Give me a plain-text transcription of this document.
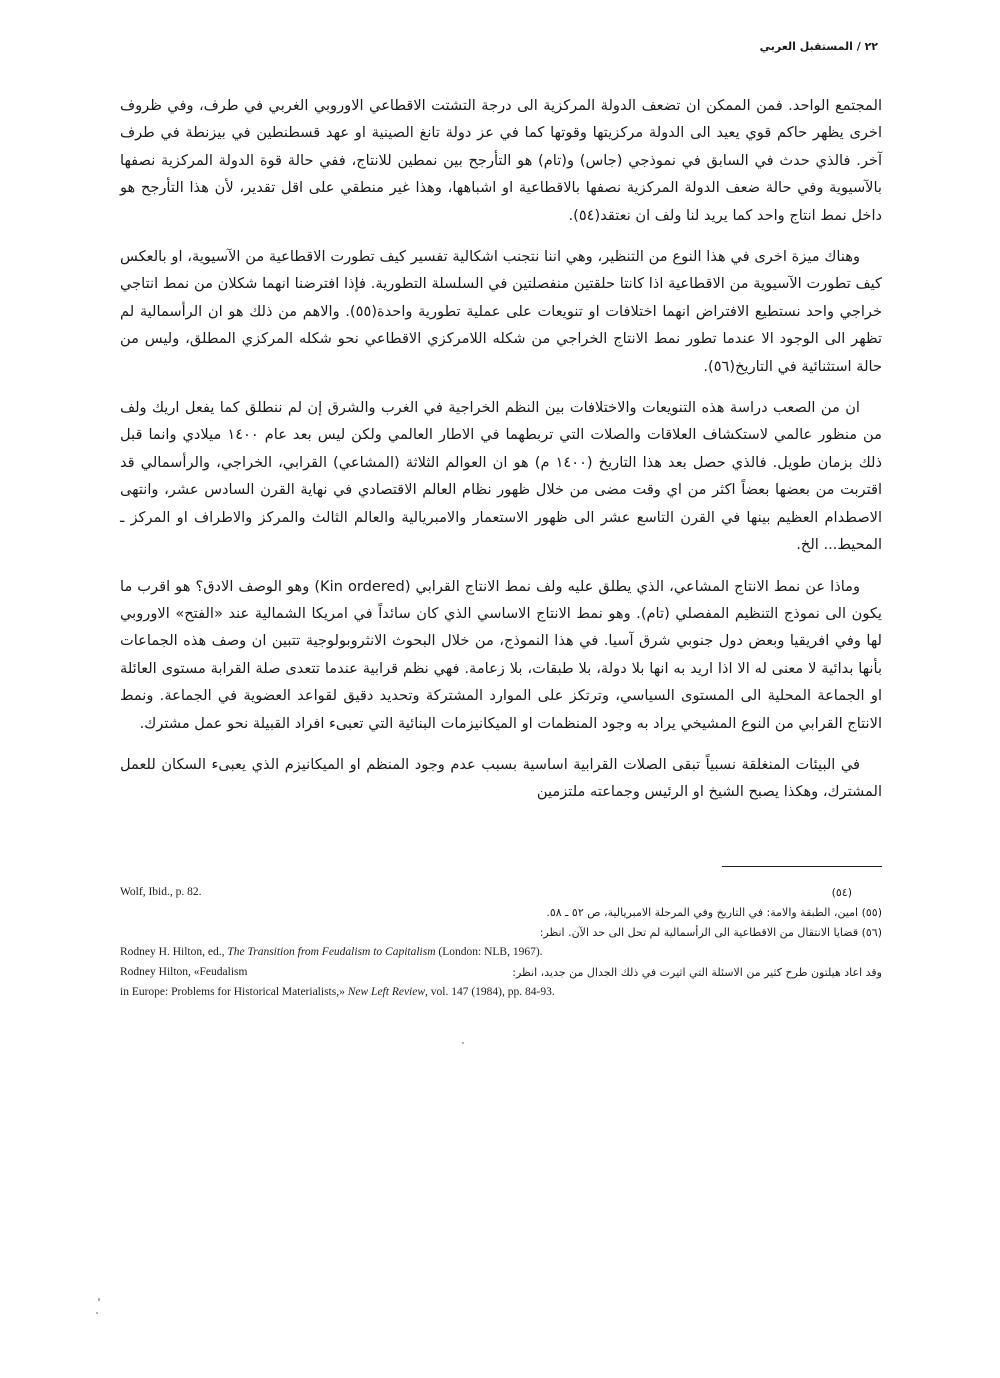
٢٢ / المستقبل العربي

المجتمع الواحد. فمن الممكن ان تضعف الدولة المركزية الى درجة التشتت الاقطاعي الاوروبي الغربي في طرف، وفي ظروف اخرى يظهر حاكم قوي يعيد الى الدولة مركزيتها وقوتها كما في عز دولة تانغ الصينية او عهد قسطنطين في بيزنطة في طرف آخر. فالذي حدث في السابق في نموذجي (جاس) و(تام) هو التأرجح بين نمطين للانتاج، ففي حالة قوة الدولة المركزية نصفها بالآسيوية وفي حالة ضعف الدولة المركزية نصفها بالاقطاعية او اشباهها، وهذا غير منطقي على اقل تقدير، لأن هذا التأرجح هو داخل نمط انتاج واحد كما يريد لنا ولف ان نعتقد(٥٤).

وهناك ميزة اخرى في هذا النوع من التنظير، وهي اننا نتجنب اشكالية تفسير كيف تطورت الاقطاعية من الآسيوية، او بالعكس كيف تطورت الآسيوية من الاقطاعية اذا كانتا حلقتين منفصلتين في السلسلة التطورية. فإذا افترضنا انهما شكلان من نمط انتاجي خراجي واحد نستطيع الافتراض انهما اختلافات او تنويعات على عملية تطورية واحدة(٥٥). والاهم من ذلك هو ان الرأسمالية لم تظهر الى الوجود الا عندما تطور نمط الانتاج الخراجي من شكله اللامركزي الاقطاعي نحو شكله المركزي المطلق، وليس من حالة استثنائية في التاريخ(٥٦).

ان من الصعب دراسة هذه التنويعات والاختلافات بين النظم الخراجية في الغرب والشرق إن لم ننطلق كما يفعل اريك ولف من منظور عالمي لاستكشاف العلاقات والصلات التي تربطهما في الاطار العالمي ولكن ليس بعد عام ١٤٠٠ ميلادي وانما قبل ذلك بزمان طويل. فالذي حصل بعد هذا التاريخ (١٤٠٠ م) هو ان العوالم الثلاثة (المشاعي) القرابي، الخراجي، والرأسمالي قد اقتربت من بعضها بعضاً اكثر من اي وقت مضى من خلال ظهور نظام العالم الاقتصادي في نهاية القرن السادس عشر، وانتهى الاصطدام العظيم بينها في القرن التاسع عشر الى ظهور الاستعمار والامبريالية والعالم الثالث والمركز والاطراف او المركز ـ المحيط... الخ.

وماذا عن نمط الانتاج المشاعي، الذي يطلق عليه ولف نمط الانتاج القرابي (Kin ordered) وهو الوصف الادق؟ هو اقرب ما يكون الى نموذج التنظيم المفصلي (تام). وهو نمط الانتاج الاساسي الذي كان سائداً في امريكا الشمالية عند «الفتح» الاوروبي لها وفي افريقيا وبعض دول جنوبي شرق آسيا. في هذا النموذج، من خلال البحوث الانثروبولوجية تتبين ان وصف هذه الجماعات بأنها بدائية لا معنى له الا اذا اريد به انها بلا دولة، بلا طبقات، بلا زعامة. فهي نظم قرابية عندما تتعدى صلة القرابة مستوى العائلة او الجماعة المحلية الى المستوى السياسي، وترتكز على الموارد المشتركة وتحديد دقيق لقواعد العضوية في الجماعة. ونمط الانتاج القرابي من النوع المشيخي يراد به وجود المنظمات او الميكانيزمات البنائية التي تعبىء افراد القبيلة نحو عمل مشترك.

في البيئات المنغلقة نسبياً تبقى الصلات القرابية اساسية بسبب عدم وجود المنظم او الميكانيزم الذي يعبىء السكان للعمل المشترك، وهكذا يصبح الشيخ او الرئيس وجماعته ملتزمين

Wolf, Ibid., p. 82.	(٥٤)
(٥٥) امين، الطبقة والامة: في التاريخ وفي المرحلة الامبريالية، ص ٥٢ ـ ٥٨.
(٥٦) قضايا الانتقال من الاقطاعية الى الرأسمالية لم تحل الى حد الآن. انظر:
Rodney H. Hilton, ed., The Transition from Feudalism to Capitalism (London: NLB, 1967).
Rodney Hilton, «Feudalism	وقد اعاد هيلتون طرح كثير من الاسئلة التي اثيرت في ذلك الجدال من جديد، انظر:
in Europe: Problems for Historical Materialists,» New Left Review, vol. 147 (1984), pp. 84-93.
